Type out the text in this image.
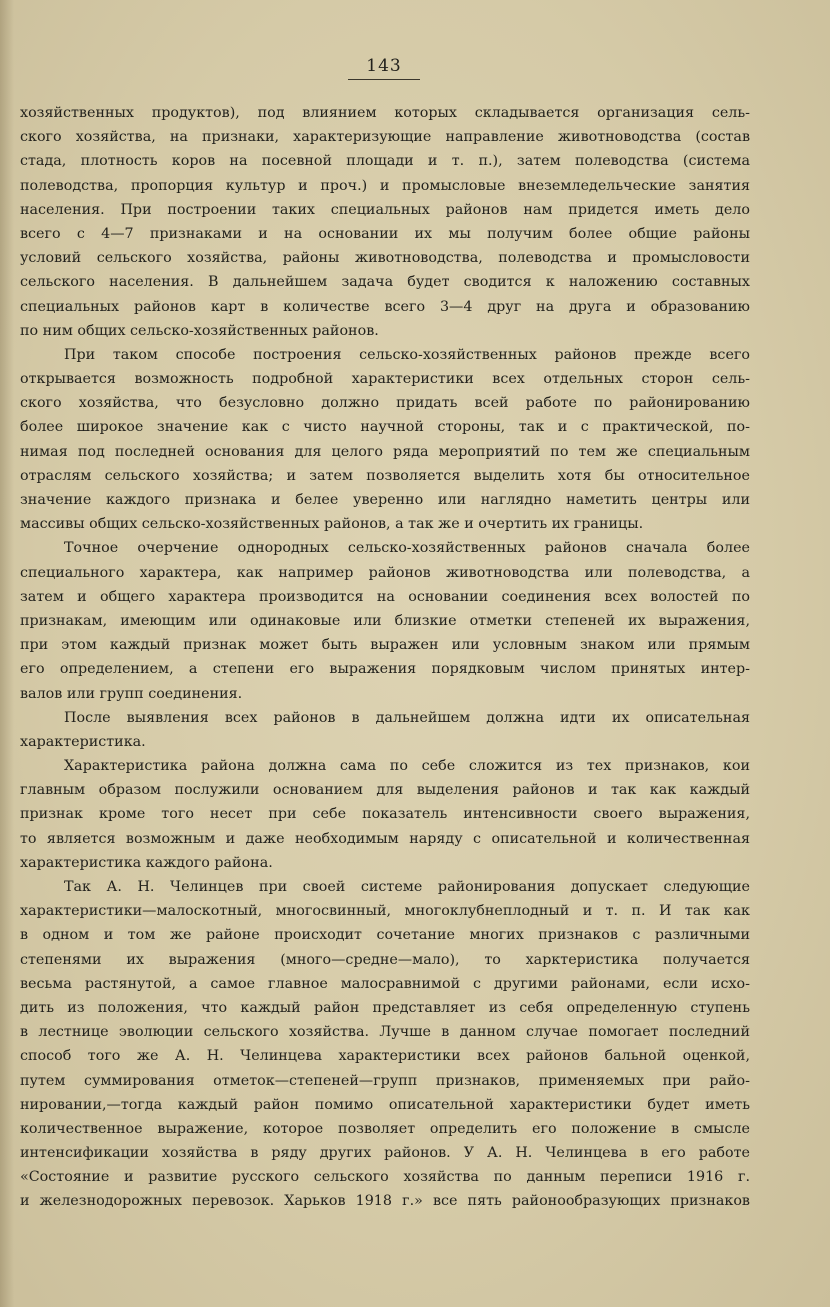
143
хозяйственных продуктов), под влиянием которых складывается организация сель-
ского хозяйства, на признаки, характеризующие направление животноводства (состав
стада, плотность коров на посевной площади и т. п.), затем полеводства (система
полеводства, пропорция культур и проч.) и промысловые внеземледельческие занятия
населения. При построении таких специальных районов нам придется иметь дело
всего с 4—7 признаками и на основании их мы получим более общие районы
условий сельского хозяйства, районы животноводства, полеводства и промысловости
сельского населения. В дальнейшем задача будет сводится к наложению составных
специальных районов карт в количестве всего 3—4 друг на друга и образованию
по ним общих сельско-хозяйственных районов.
При таком способе построения сельско-хозяйственных районов прежде всего
открывается возможность подробной характеристики всех отдельных сторон сель-
ского хозяйства, что безусловно должно придать всей работе по районированию
более широкое значение как с чисто научной стороны, так и с практической, по-
нимая под последней основания для целого ряда мероприятий по тем же специальным
отраслям сельского хозяйства; и затем позволяется выделить хотя бы относительное
значение каждого признака и белее уверенно или наглядно наметить центры или
массивы общих сельско-хозяйственных районов, а так же и очертить их границы.
Точное очерчение однородных сельско-хозяйственных районов сначала более
специального характера, как например районов животноводства или полеводства, а
затем и общего характера производится на основании соединения всех волостей по
признакам, имеющим или одинаковые или близкие отметки степеней их выражения,
при этом каждый признак может быть выражен или условным знаком или прямым
его определением, а степени его выражения порядковым числом принятых интер-
валов или групп соединения.
После выявления всех районов в дальнейшем должна идти их описательная
характеристика.
Характеристика района должна сама по себе сложится из тех признаков, кои
главным образом послужили основанием для выделения районов и так как каждый
признак кроме того несет при себе показатель интенсивности своего выражения,
то является возможным и даже необходимым наряду с описательной и количественная
характеристика каждого района.
Так А. Н. Челинцев при своей системе районирования допускает следующие
характеристики—малоскотный, многосвинный, многоклубнеплодный и т. п. И так как
в одном и том же районе происходит сочетание многих признаков с различными
степенями их выражения (много—средне—мало), то харктеристика получается
весьма растянутой, а самое главное малосравнимой с другими районами, если исхо-
дить из положения, что каждый район представляет из себя определенную ступень
в лестнице эволюции сельского хозяйства. Лучше в данном случае помогает последний
способ того же А. Н. Челинцева характеристики всех районов бальной оценкой,
путем суммирования отметок—степеней—групп признаков, применяемых при райо-
нировании,—тогда каждый район помимо описательной характеристики будет иметь
количественное выражение, которое позволяет определить его положение в смысле
интенсификации хозяйства в ряду других районов. У А. Н. Челинцева в его работе
«Состояние и развитие русского сельского хозяйства по данным переписи 1916 г.
и железнодорожных перевозок. Харьков 1918 г.» все пять районообразующих признаков
